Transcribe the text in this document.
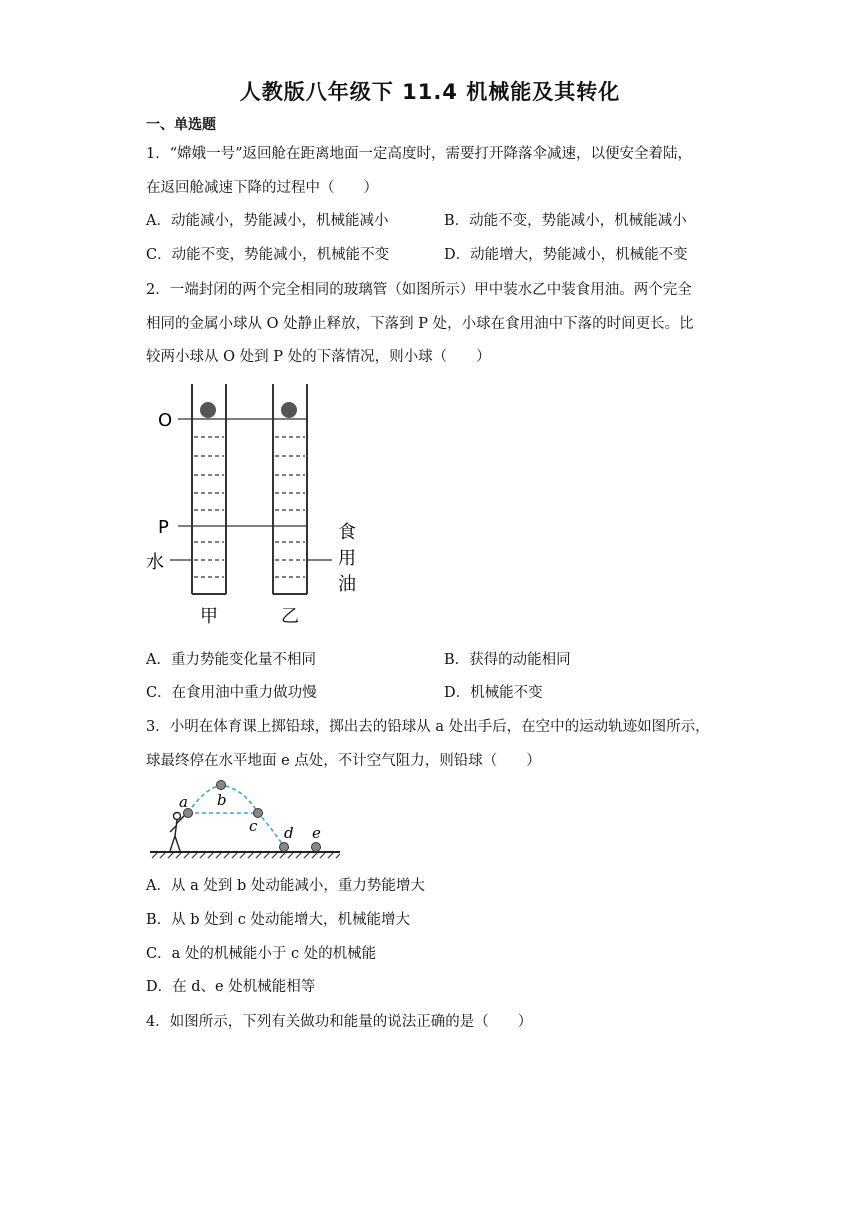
人教版八年级下 11.4 机械能及其转化
一、单选题
1．“嫦娥一号”返回舱在距离地面一定高度时，需要打开降落伞减速，以便安全着陆，
在返回舱减速下降的过程中（　　）
A．动能减小，势能减小，机械能减小	B．动能不变，势能减小，机械能减小
C．动能不变，势能减小，机械能不变	D．动能增大，势能减小，机械能不变
2．一端封闭的两个完全相同的玻璃管（如图所示）甲中装水乙中装食用油。两个完全
相同的金属小球从 O 处静止释放，下落到 P 处，小球在食用油中下落的时间更长。比
较两小球从 O 处到 P 处的下落情况，则小球（　　）
O
P
水
食
用
油
甲	乙
A．重力势能变化量不相同	B．获得的动能相同
C．在食用油中重力做功慢	D．机械能不变
3．小明在体育课上掷铅球，掷出去的铅球从 a 处出手后，在空中的运动轨迹如图所示，
球最终停在水平地面 e 点处，不计空气阻力，则铅球（　　）
a b
c d e
A．从 a 处到 b 处动能减小，重力势能增大
B．从 b 处到 c 处动能增大，机械能增大
C．a 处的机械能小于 c 处的机械能
D．在 d、e 处机械能相等
4．如图所示，下列有关做功和能量的说法正确的是（　　）
